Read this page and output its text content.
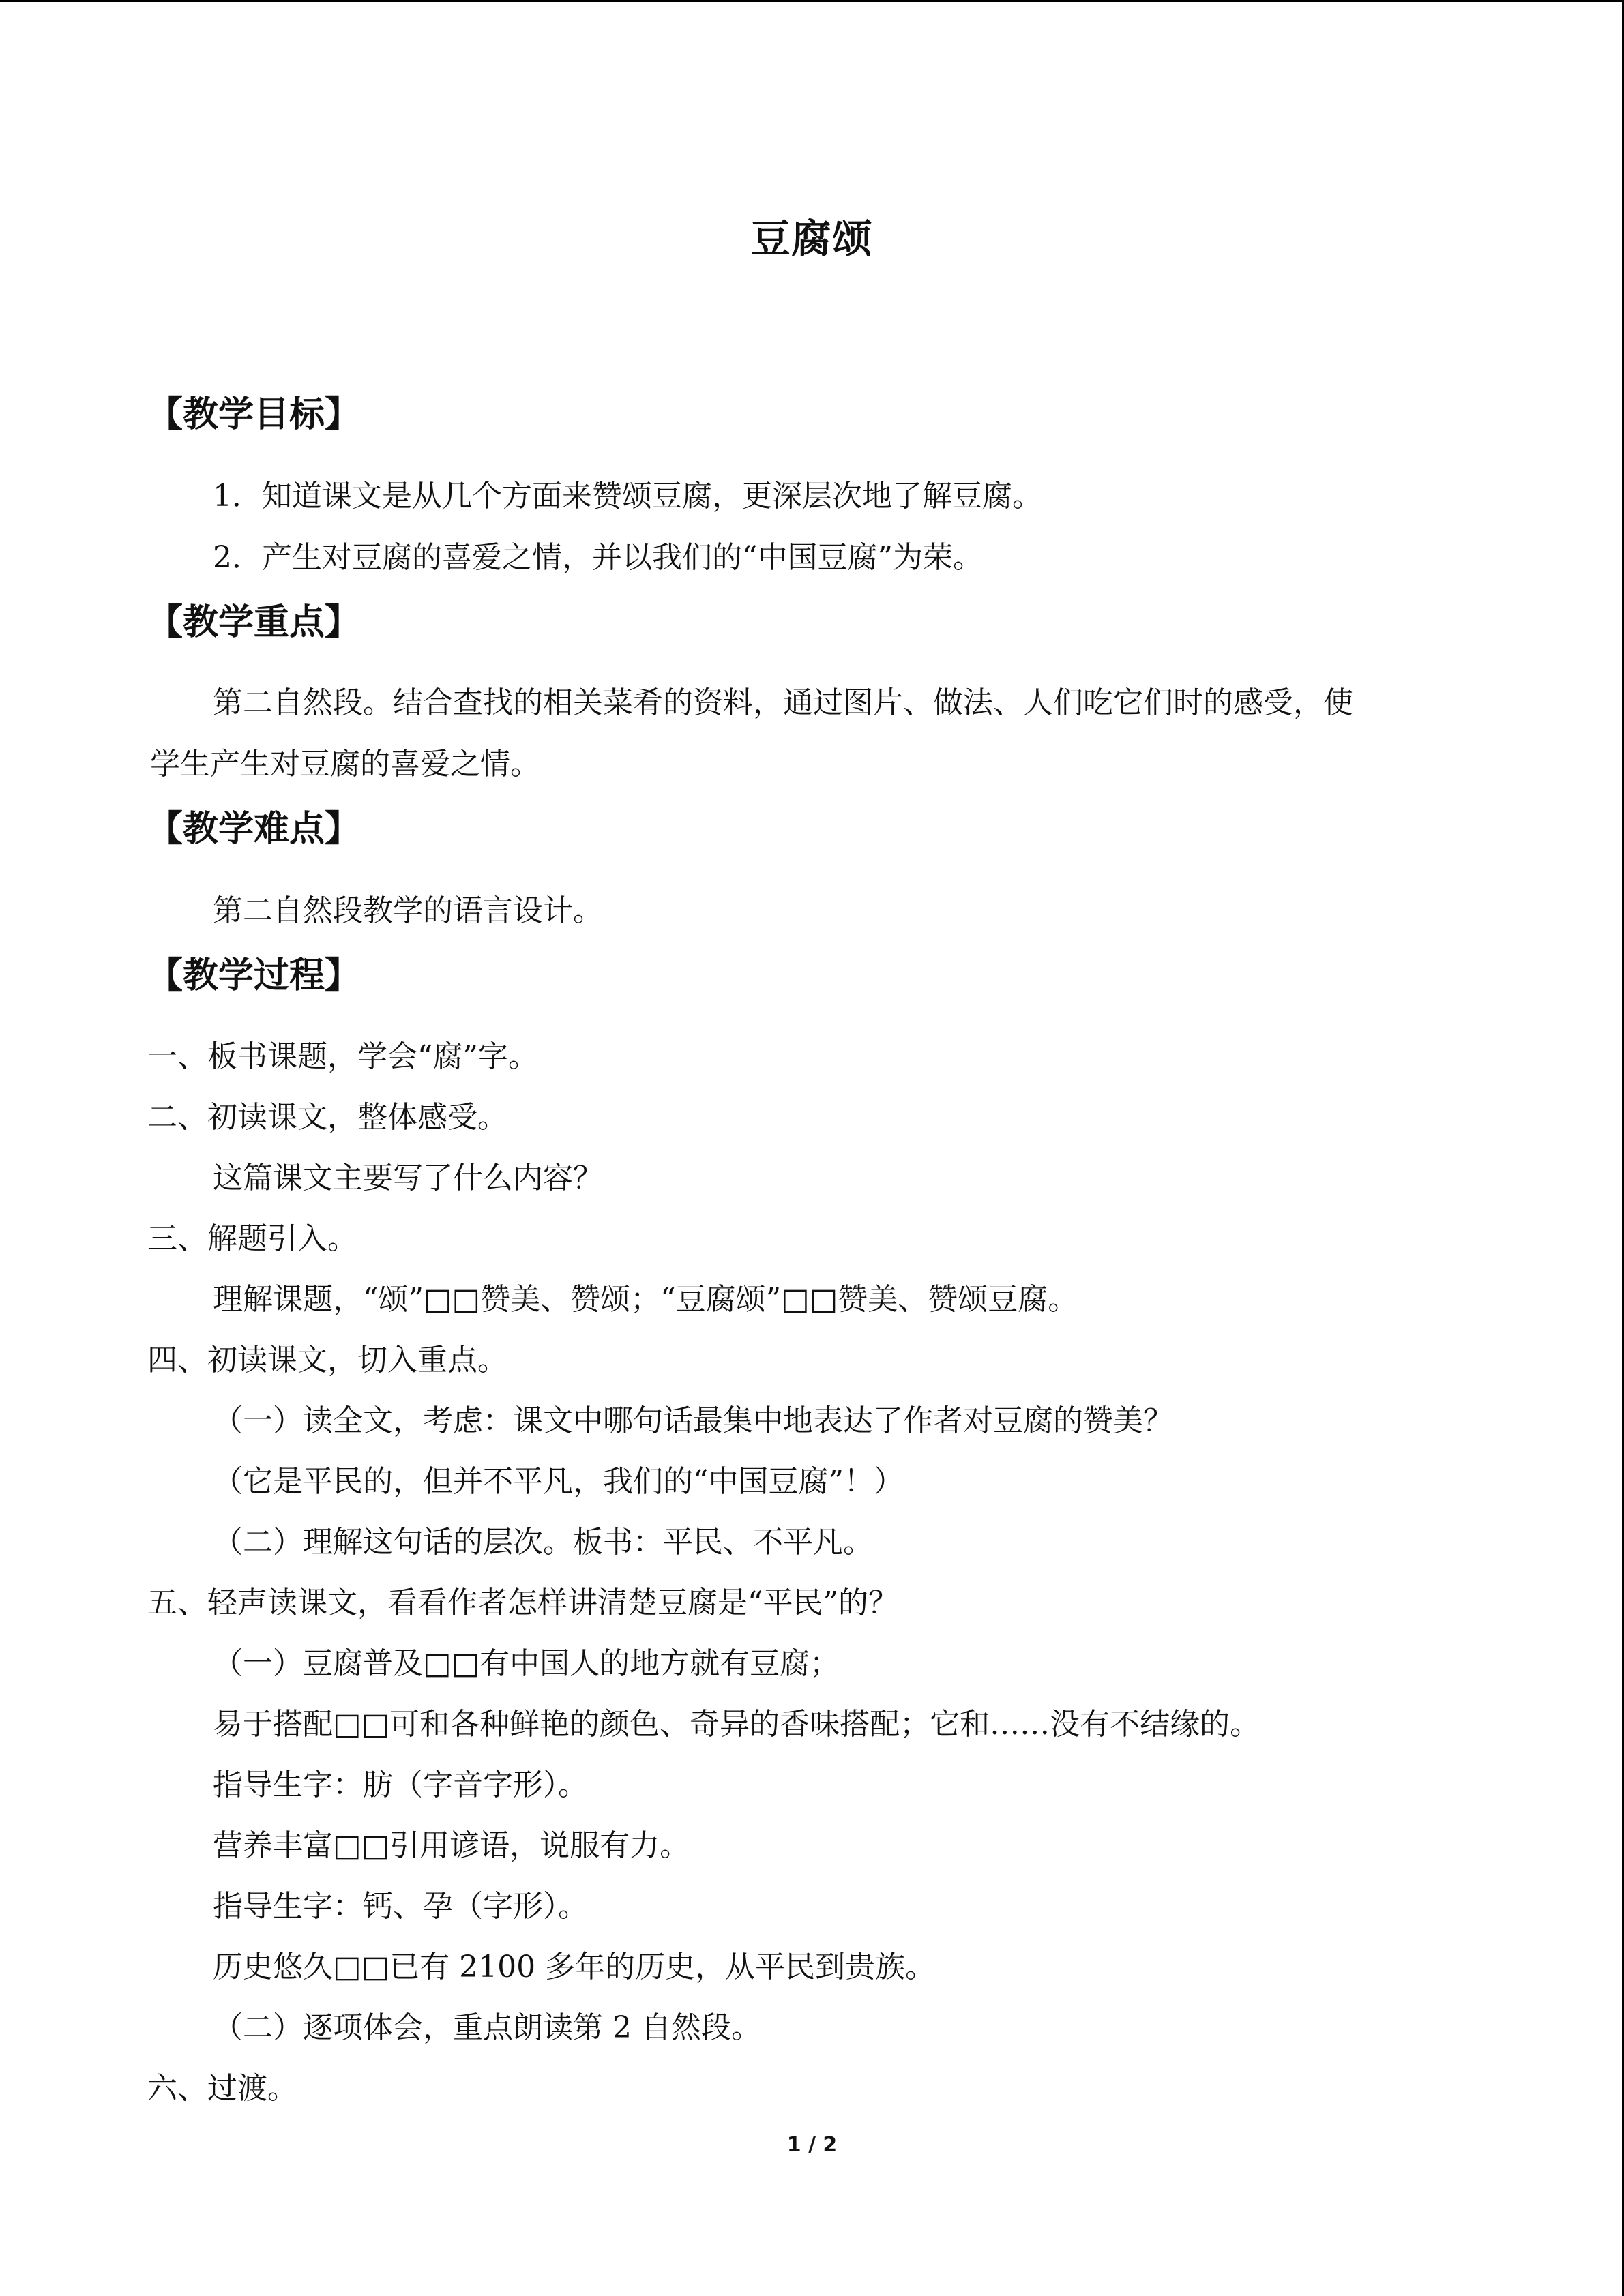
豆腐颂
【教学目标】
1．知道课文是从几个方面来赞颂豆腐，更深层次地了解豆腐。
2．产生对豆腐的喜爱之情，并以我们的“中国豆腐”为荣。
【教学重点】
第二自然段。结合查找的相关菜肴的资料，通过图片、做法、人们吃它们时的感受，使
学生产生对豆腐的喜爱之情。
【教学难点】
第二自然段教学的语言设计。
【教学过程】
一、板书课题，学会“腐”字。
二、初读课文，整体感受。
这篇课文主要写了什么内容？
三、解题引入。
理解课题，“颂”□□赞美、赞颂；“豆腐颂”□□赞美、赞颂豆腐。
四、初读课文，切入重点。
（一）读全文，考虑：课文中哪句话最集中地表达了作者对豆腐的赞美？
（它是平民的，但并不平凡，我们的“中国豆腐”！）
（二）理解这句话的层次。板书：平民、不平凡。
五、轻声读课文，看看作者怎样讲清楚豆腐是“平民”的？
（一）豆腐普及□□有中国人的地方就有豆腐；
易于搭配□□可和各种鲜艳的颜色、奇异的香味搭配；它和……没有不结缘的。
指导生字：肪（字音字形）。
营养丰富□□引用谚语，说服有力。
指导生字：钙、孕（字形）。
历史悠久□□已有 2100 多年的历史，从平民到贵族。
（二）逐项体会，重点朗读第 2 自然段。
六、过渡。
1 / 2
